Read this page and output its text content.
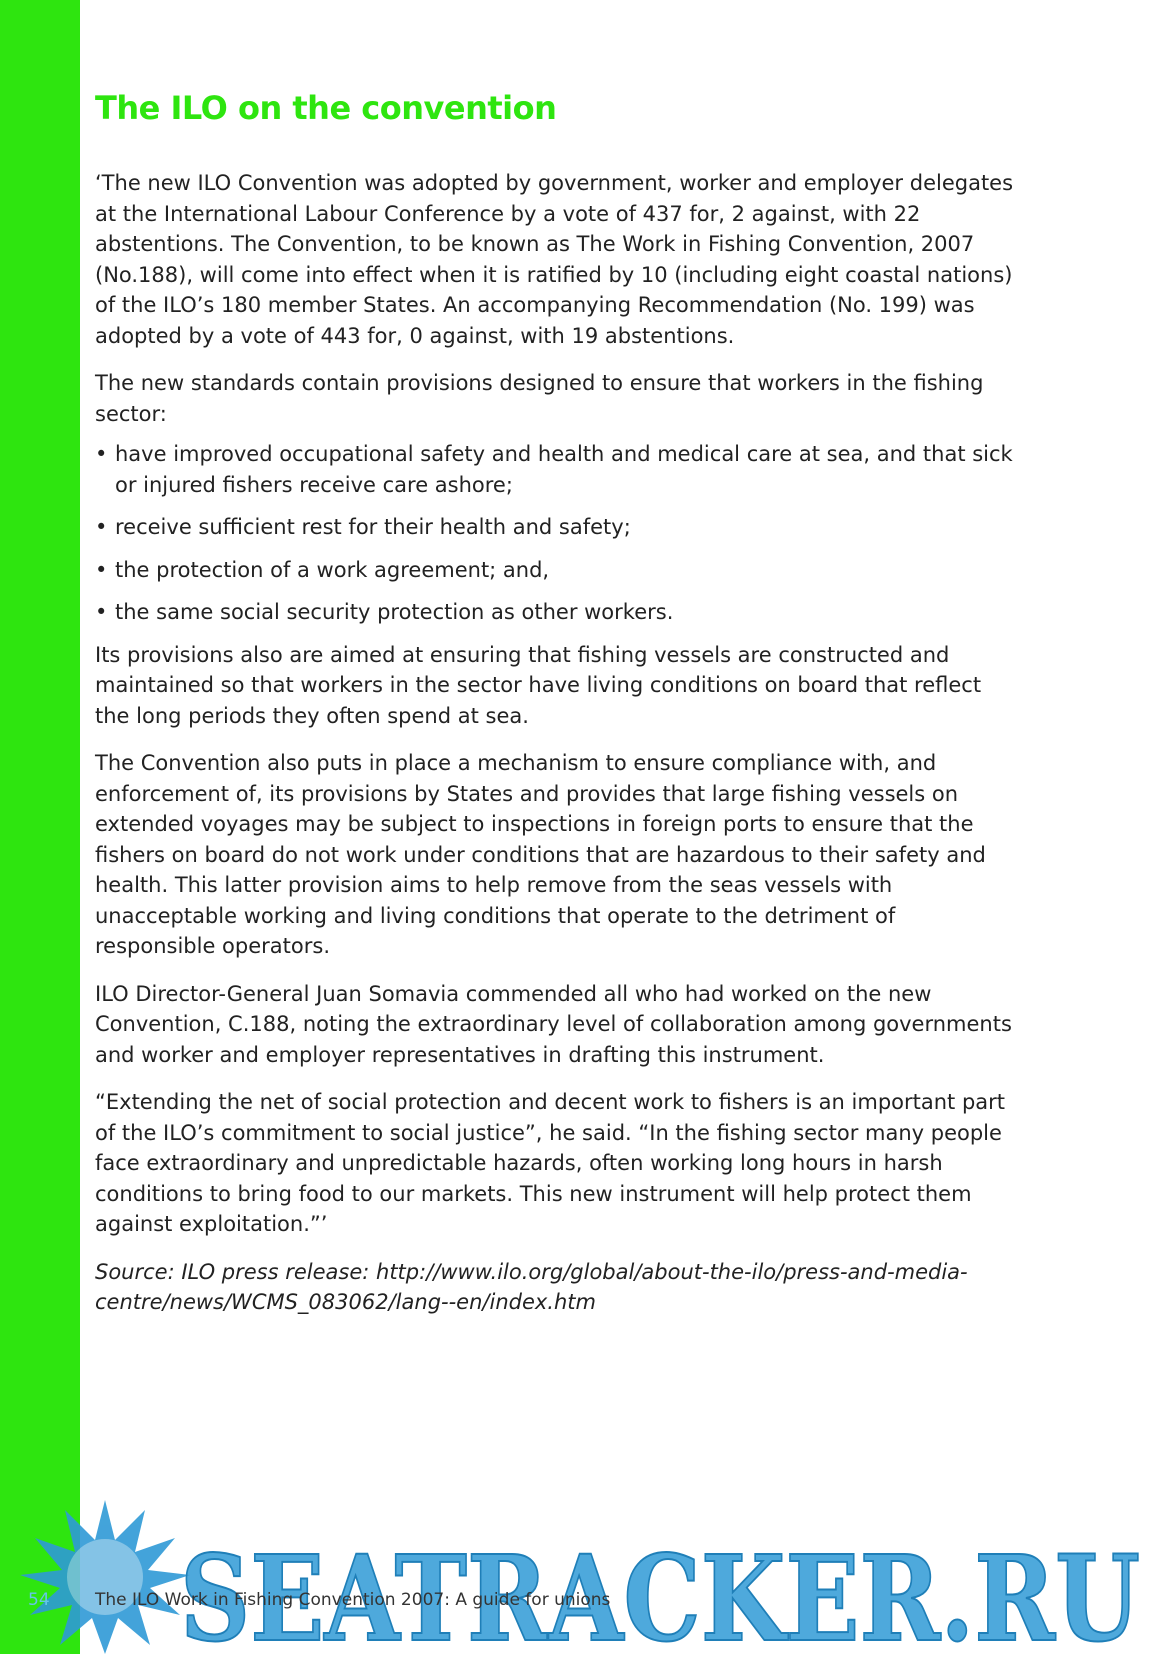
The ILO on the convention

‘The new ILO Convention was adopted by government, worker and employer delegates at the International Labour Conference by a vote of 437 for, 2 against, with 22 abstentions. The Convention, to be known as The Work in Fishing Convention, 2007 (No.188), will come into effect when it is ratified by 10 (including eight coastal nations) of the ILO’s 180 member States. An accompanying Recommendation (No. 199) was adopted by a vote of 443 for, 0 against, with 19 abstentions.

The new standards contain provisions designed to ensure that workers in the fishing sector:

• have improved occupational safety and health and medical care at sea, and that sick or injured fishers receive care ashore;
• receive sufficient rest for their health and safety;
• the protection of a work agreement; and,
• the same social security protection as other workers.

Its provisions also are aimed at ensuring that fishing vessels are constructed and maintained so that workers in the sector have living conditions on board that reflect the long periods they often spend at sea.

The Convention also puts in place a mechanism to ensure compliance with, and enforcement of, its provisions by States and provides that large fishing vessels on extended voyages may be subject to inspections in foreign ports to ensure that the fishers on board do not work under conditions that are hazardous to their safety and health. This latter provision aims to help remove from the seas vessels with unacceptable working and living conditions that operate to the detriment of responsible operators.

ILO Director-General Juan Somavia commended all who had worked on the new Convention, C.188, noting the extraordinary level of collaboration among governments and worker and employer representatives in drafting this instrument.

“Extending the net of social protection and decent work to fishers is an important part of the ILO’s commitment to social justice”, he said. “In the fishing sector many people face extraordinary and unpredictable hazards, often working long hours in harsh conditions to bring food to our markets. This new instrument will help protect them against exploitation.”’

Source: ILO press release: http://www.ilo.org/global/about-the-ilo/press-and-media-centre/news/WCMS_083062/lang--en/index.htm

SEATRACKER.RU
54	The ILO Work in Fishing Convention 2007: A guide for unions
